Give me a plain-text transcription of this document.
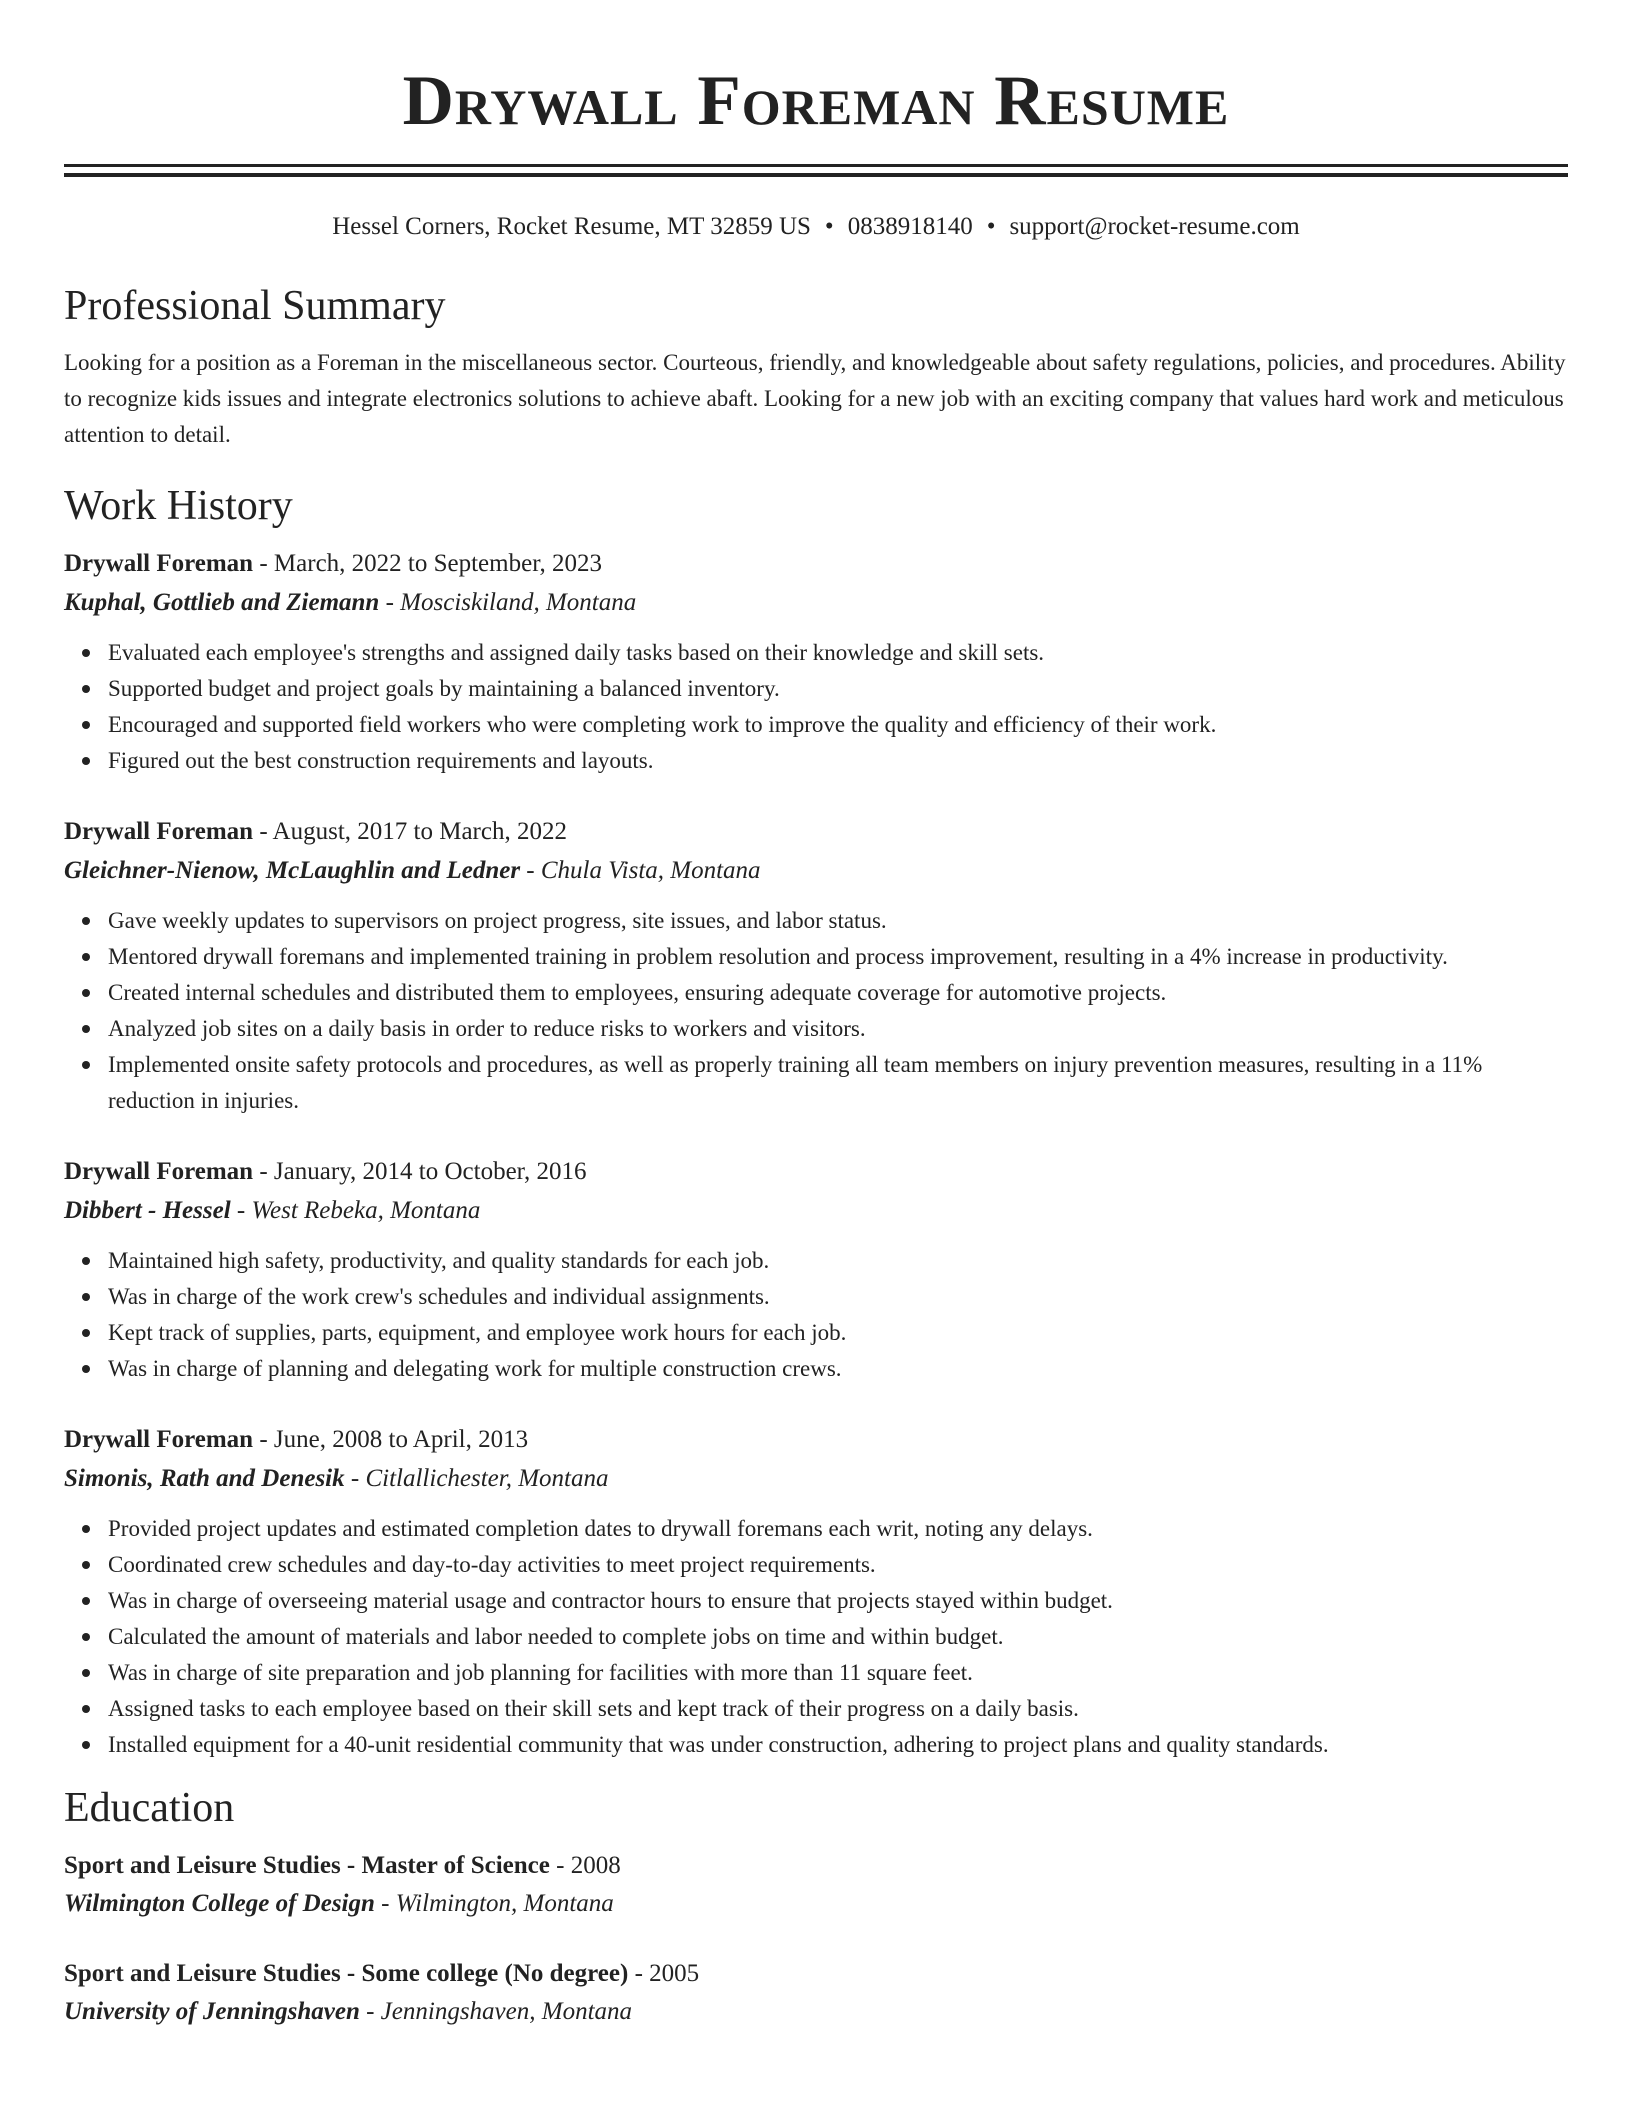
Drywall Foreman Resume
Hessel Corners, Rocket Resume, MT 32859 US • 0838918140 • support@rocket-resume.com
Professional Summary

Looking for a position as a Foreman in the miscellaneous sector. Courteous, friendly, and knowledgeable about safety regulations, policies, and procedures. Ability to recognize kids issues and integrate electronics solutions to achieve abaft. Looking for a new job with an exciting company that values hard work and meticulous attention to detail.

Work History
Drywall Foreman - March, 2022 to September, 2023
Kuphal, Gottlieb and Ziemann - Mosciskiland, Montana
Evaluated each employee's strengths and assigned daily tasks based on their knowledge and skill sets.
Supported budget and project goals by maintaining a balanced inventory.
Encouraged and supported field workers who were completing work to improve the quality and efficiency of their work.
Figured out the best construction requirements and layouts.
Drywall Foreman - August, 2017 to March, 2022
Gleichner-Nienow, McLaughlin and Ledner - Chula Vista, Montana
Gave weekly updates to supervisors on project progress, site issues, and labor status.
Mentored drywall foremans and implemented training in problem resolution and process improvement, resulting in a 4% increase in productivity.
Created internal schedules and distributed them to employees, ensuring adequate coverage for automotive projects.
Analyzed job sites on a daily basis in order to reduce risks to workers and visitors.
Implemented onsite safety protocols and procedures, as well as properly training all team members on injury prevention measures, resulting in a 11% reduction in injuries.
Drywall Foreman - January, 2014 to October, 2016
Dibbert - Hessel - West Rebeka, Montana
Maintained high safety, productivity, and quality standards for each job.
Was in charge of the work crew's schedules and individual assignments.
Kept track of supplies, parts, equipment, and employee work hours for each job.
Was in charge of planning and delegating work for multiple construction crews.
Drywall Foreman - June, 2008 to April, 2013
Simonis, Rath and Denesik - Citlallichester, Montana
Provided project updates and estimated completion dates to drywall foremans each writ, noting any delays.
Coordinated crew schedules and day-to-day activities to meet project requirements.
Was in charge of overseeing material usage and contractor hours to ensure that projects stayed within budget.
Calculated the amount of materials and labor needed to complete jobs on time and within budget.
Was in charge of site preparation and job planning for facilities with more than 11 square feet.
Assigned tasks to each employee based on their skill sets and kept track of their progress on a daily basis.
Installed equipment for a 40-unit residential community that was under construction, adhering to project plans and quality standards.
Education
Sport and Leisure Studies - Master of Science - 2008
Wilmington College of Design - Wilmington, Montana
Sport and Leisure Studies - Some college (No degree) - 2005
University of Jenningshaven - Jenningshaven, Montana
